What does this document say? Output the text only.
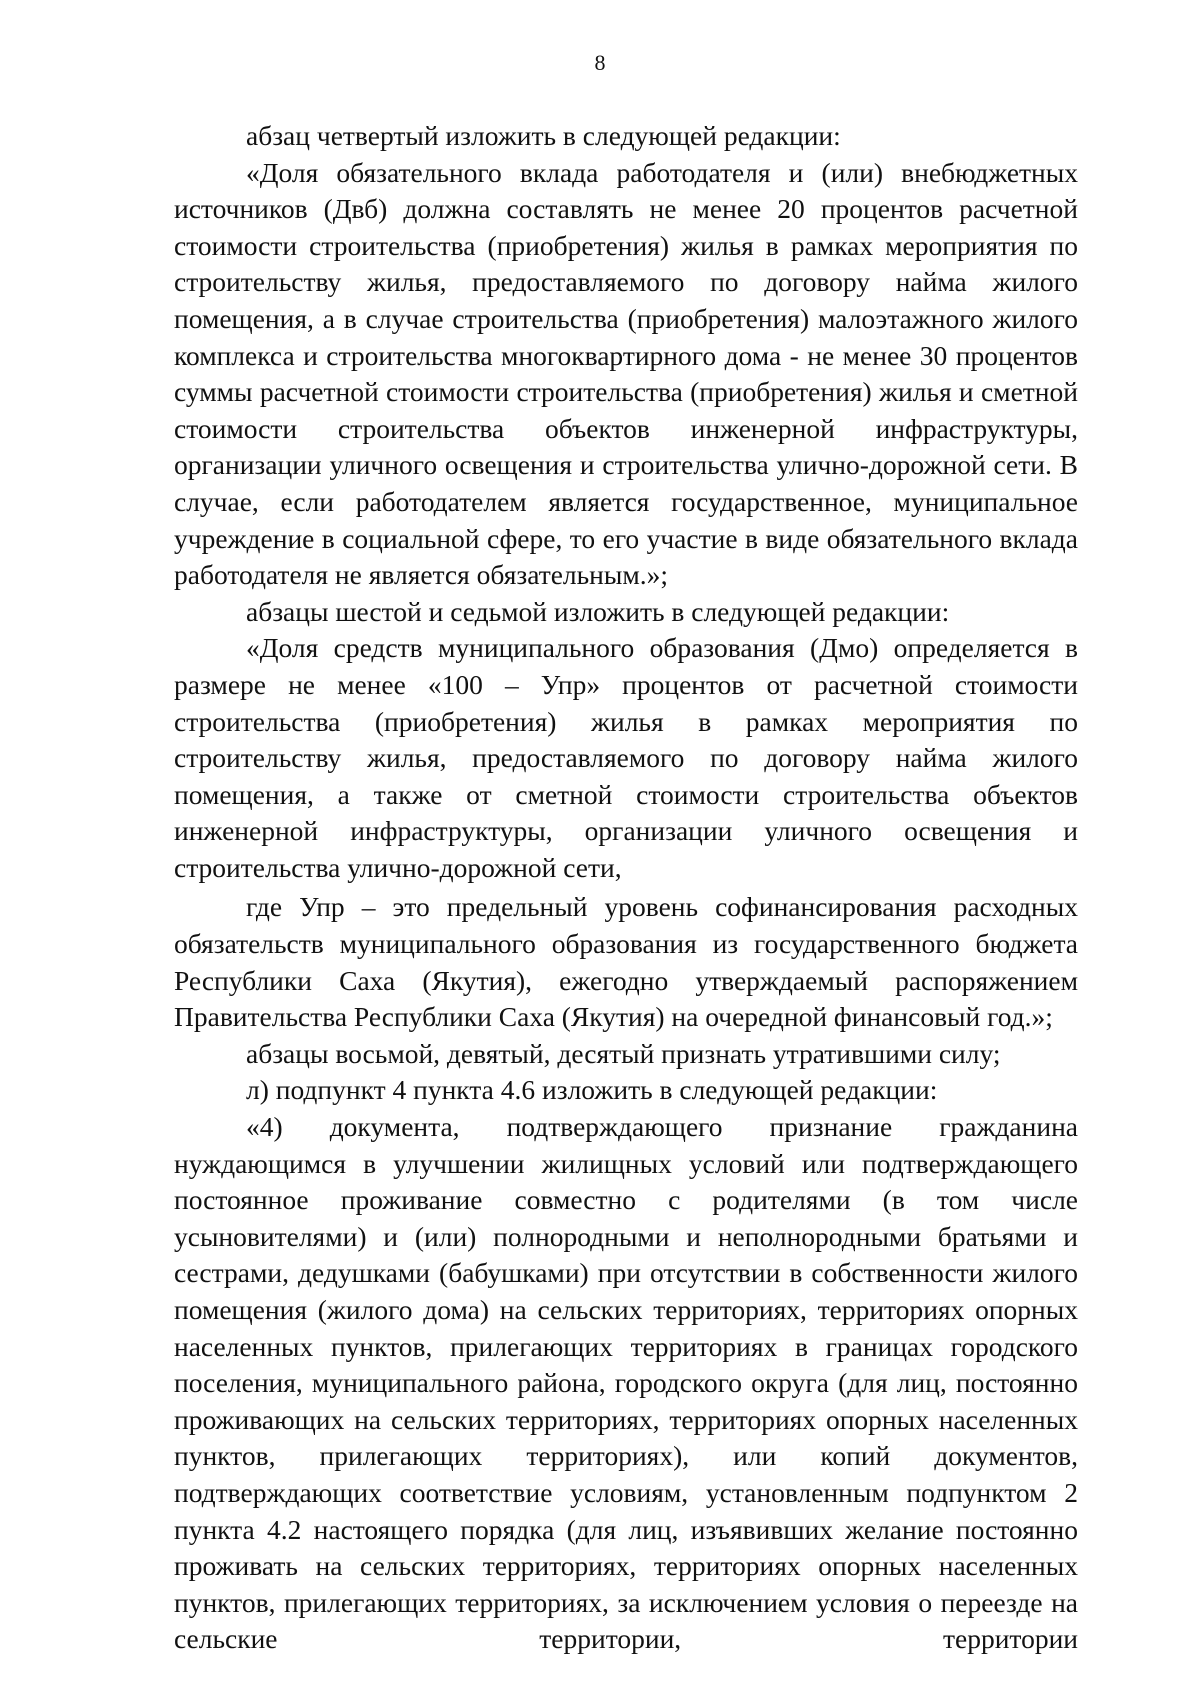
8

абзац четвертый изложить в следующей редакции:

«Доля обязательного вклада работодателя и (или) внебюджетных источников (Двб) должна составлять не менее 20 процентов расчетной стоимости строительства (приобретения) жилья в рамках мероприятия по строительству жилья, предоставляемого по договору найма жилого помещения, а в случае строительства (приобретения) малоэтажного жилого комплекса и строительства многоквартирного дома - не менее 30 процентов суммы расчетной стоимости строительства (приобретения) жилья и сметной стоимости строительства объектов инженерной инфраструктуры, организации уличного освещения и строительства улично-дорожной сети. В случае, если работодателем является государственное, муниципальное учреждение в социальной сфере, то его участие в виде обязательного вклада работодателя не является обязательным.»;

абзацы шестой и седьмой изложить в следующей редакции:

«Доля средств муниципального образования (Дмо) определяется в размере не менее «100 – Упр» процентов от расчетной стоимости строительства (приобретения) жилья в рамках мероприятия по строительству жилья, предоставляемого по договору найма жилого помещения, а также от сметной стоимости строительства объектов инженерной инфраструктуры, организации уличного освещения и строительства улично-дорожной сети,

где Упр – это предельный уровень софинансирования расходных обязательств муниципального образования из государственного бюджета Республики Саха (Якутия), ежегодно утверждаемый распоряжением Правительства Республики Саха (Якутия) на очередной финансовый год.»;

абзацы восьмой, девятый, десятый признать утратившими силу;

л) подпункт 4 пункта 4.6 изложить в следующей редакции:

«4) документа, подтверждающего признание гражданина нуждающимся в улучшении жилищных условий или подтверждающего постоянное проживание совместно с родителями (в том числе усыновителями) и (или) полнородными и неполнородными братьями и сестрами, дедушками (бабушками) при отсутствии в собственности жилого помещения (жилого дома) на сельских территориях, территориях опорных населенных пунктов, прилегающих территориях в границах городского поселения, муниципального района, городского округа (для лиц, постоянно проживающих на сельских территориях, территориях опорных населенных пунктов, прилегающих территориях), или копий документов, подтверждающих соответствие условиям, установленным подпунктом 2 пункта 4.2 настоящего порядка (для лиц, изъявивших желание постоянно проживать на сельских территориях, территориях опорных населенных пунктов, прилегающих территориях, за исключением условия о переезде на сельские территории, территории
